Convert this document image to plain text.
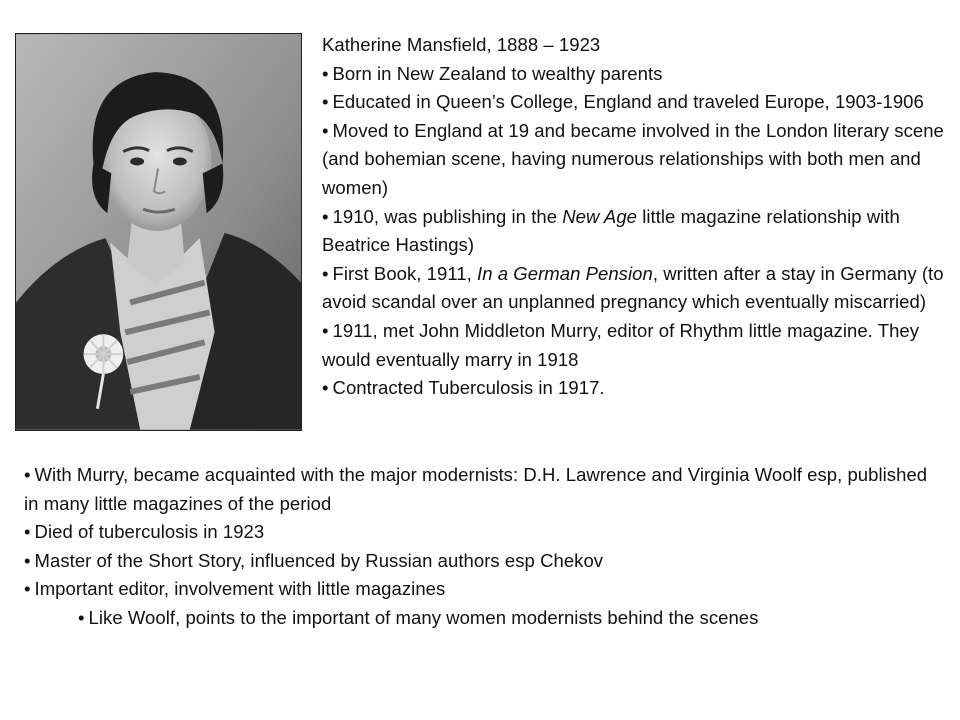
Katherine Mansfield, 1888 – 1923

• Born in New Zealand to wealthy parents

• Educated in Queen’s College, England and traveled Europe, 1903-1906

• Moved to England at 19 and became involved in the London literary scene (and bohemian scene, having numerous relationships with both men and women)

• 1910, was publishing in the New Age little magazine relationship with Beatrice Hastings)

• First Book, 1911, In a German Pension, written after a stay in Germany (to avoid scandal over an unplanned pregnancy which eventually miscarried)

• 1911, met John Middleton Murry, editor of Rhythm little magazine. They would eventually marry in 1918

• Contracted Tuberculosis in 1917.

• With Murry, became acquainted with the major modernists: D.H. Lawrence and Virginia Woolf esp, published in many little magazines of the period

• Died of tuberculosis in 1923

• Master of the Short Story, influenced by Russian authors esp Chekov

• Important editor, involvement with little magazines

• Like Woolf, points to the important of many women modernists behind the scenes
